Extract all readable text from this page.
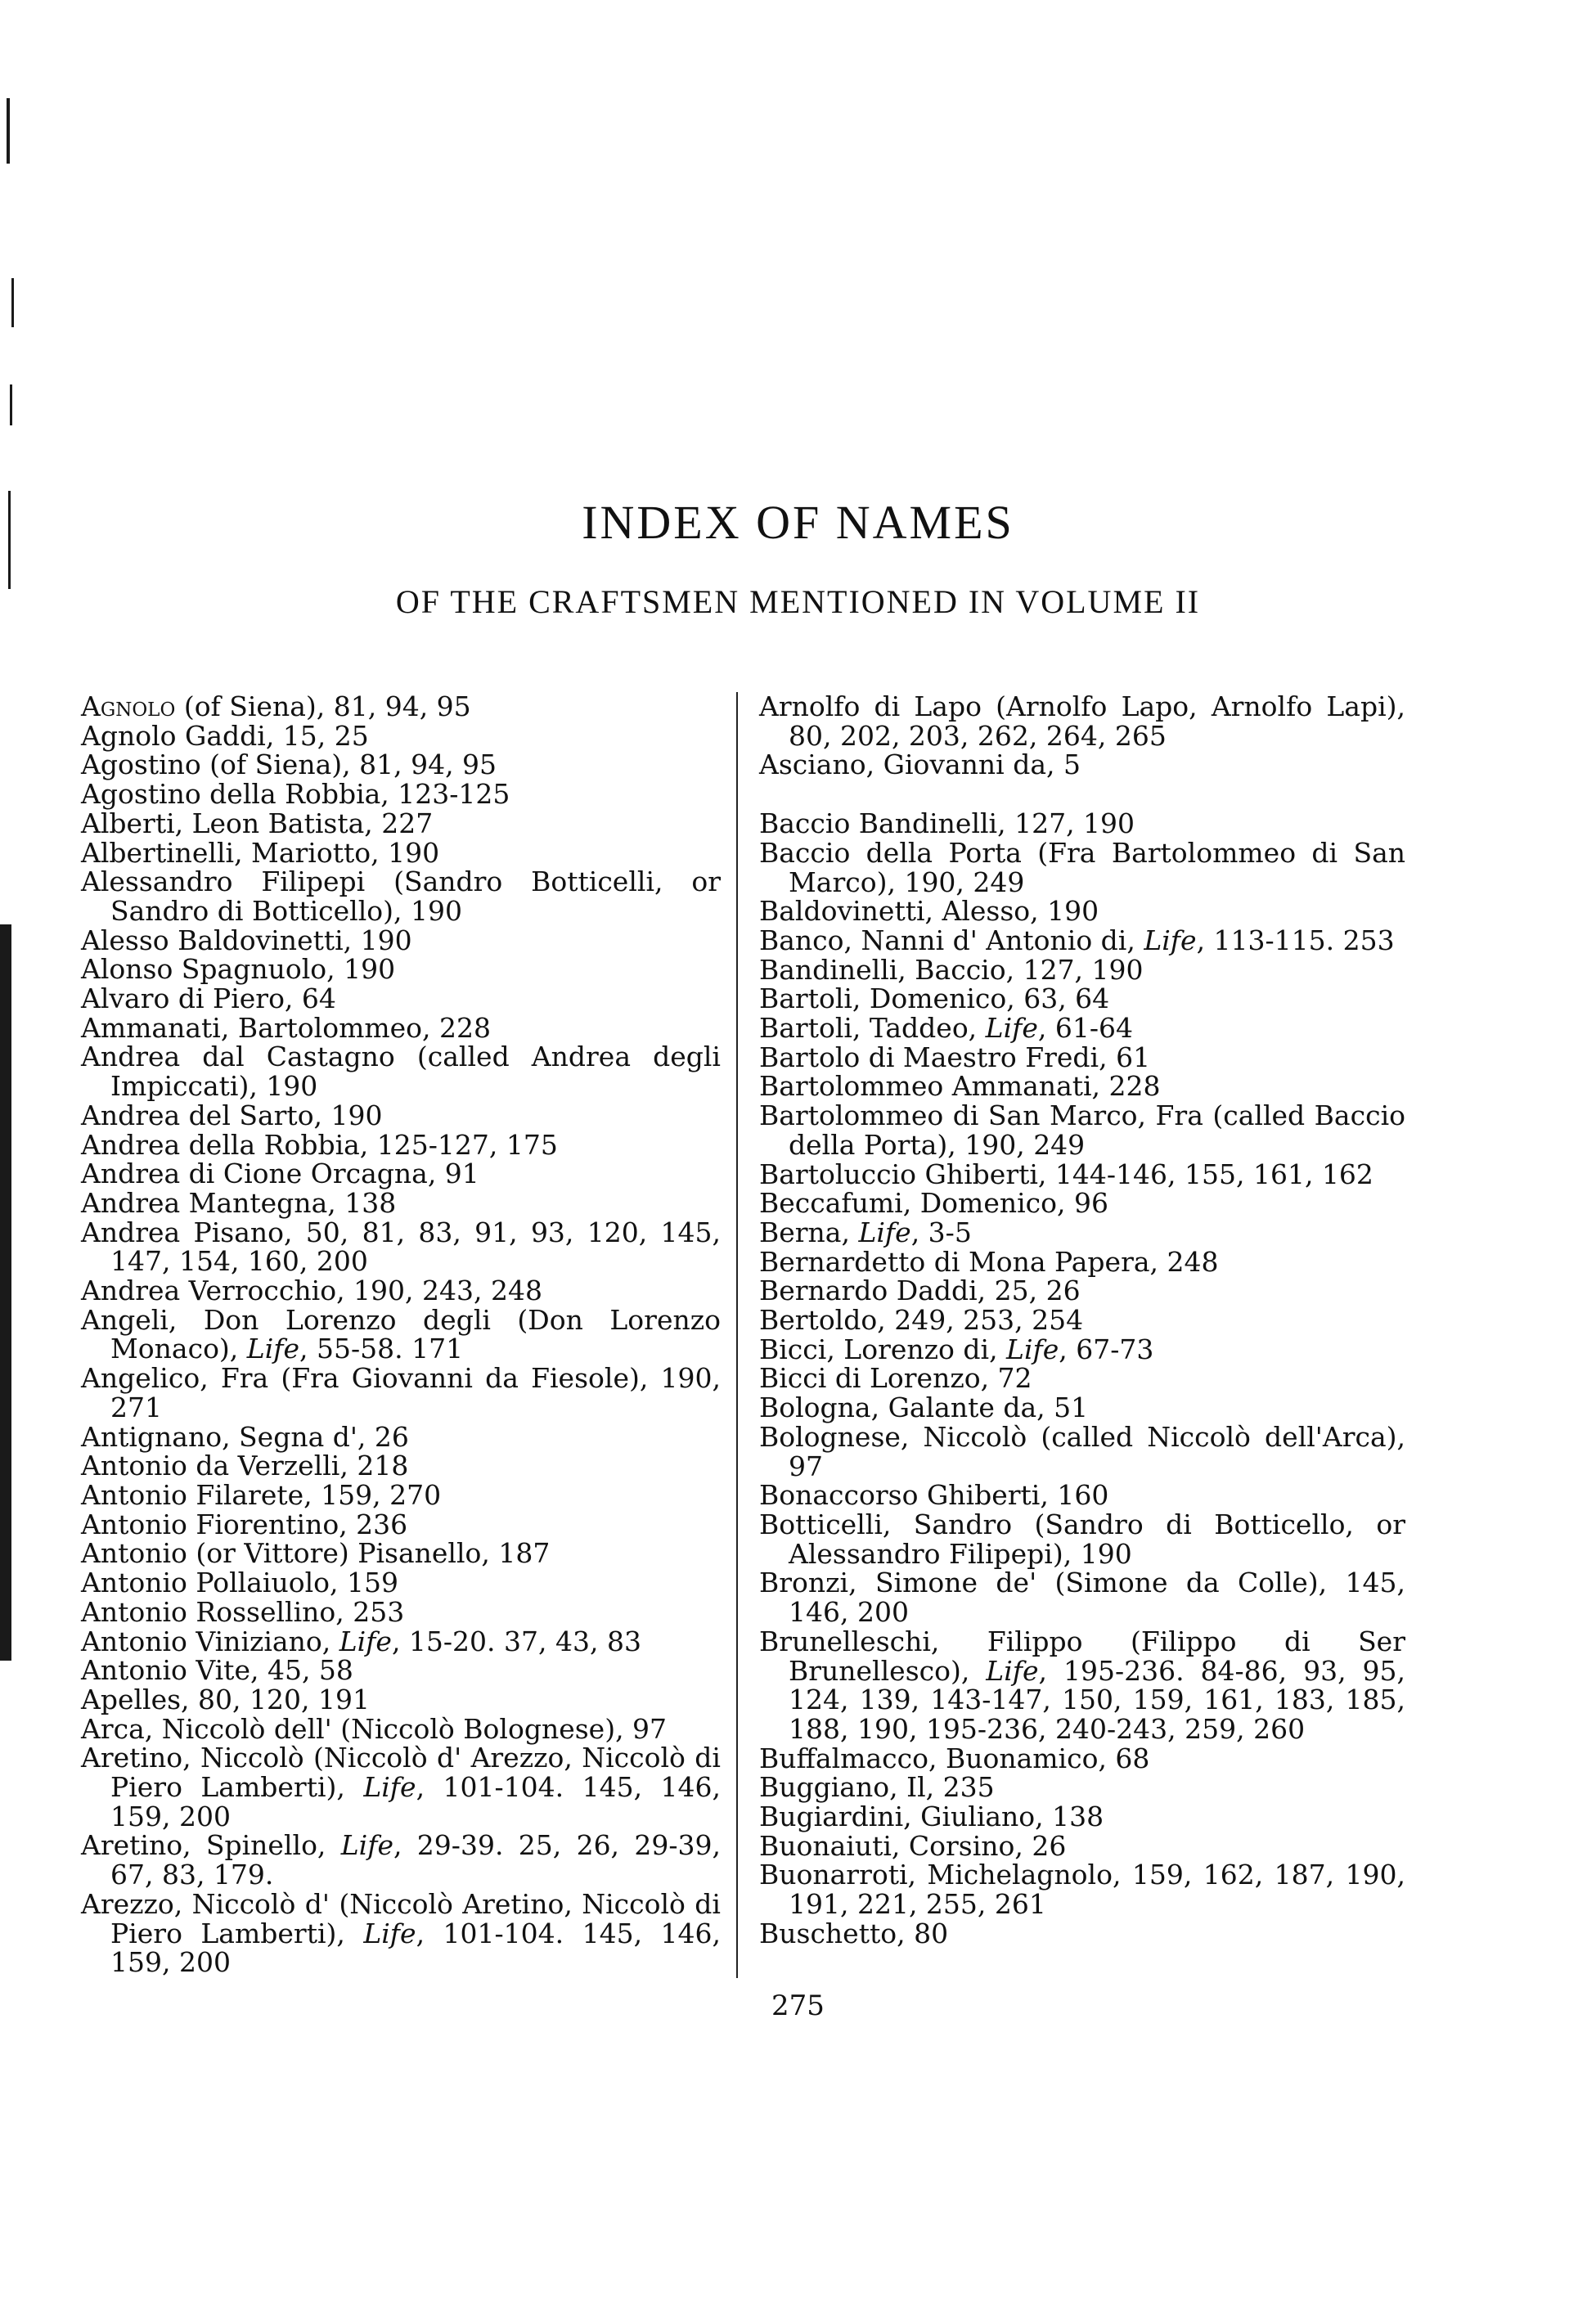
INDEX OF NAMES
OF THE CRAFTSMEN MENTIONED IN VOLUME II

Agnolo (of Siena), 81, 94, 95

Agnolo Gaddi, 15, 25

Agostino (of Siena), 81, 94, 95

Agostino della Robbia, 123-125

Alberti, Leon Batista, 227

Albertinelli, Mariotto, 190

Alessandro Filipepi (Sandro Botticelli, or Sandro di Botticello), 190

Alesso Baldovinetti, 190

Alonso Spagnuolo, 190

Alvaro di Piero, 64

Ammanati, Bartolommeo, 228

Andrea dal Castagno (called Andrea degli Impiccati), 190

Andrea del Sarto, 190

Andrea della Robbia, 125-127, 175

Andrea di Cione Orcagna, 91

Andrea Mantegna, 138

Andrea Pisano, 50, 81, 83, 91, 93, 120, 145, 147, 154, 160, 200

Andrea Verrocchio, 190, 243, 248

Angeli, Don Lorenzo degli (Don Lorenzo Monaco), Life, 55-58. 171

Angelico, Fra (Fra Giovanni da Fiesole), 190, 271

Antignano, Segna d', 26

Antonio da Verzelli, 218

Antonio Filarete, 159, 270

Antonio Fiorentino, 236

Antonio (or Vittore) Pisanello, 187

Antonio Pollaiuolo, 159

Antonio Rossellino, 253

Antonio Viniziano, Life, 15-20. 37, 43, 83

Antonio Vite, 45, 58

Apelles, 80, 120, 191

Arca, Niccolò dell' (Niccolò Bolognese), 97

Aretino, Niccolò (Niccolò d' Arezzo, Niccolò di Piero Lamberti), Life, 101-104. 145, 146, 159, 200

Aretino, Spinello, Life, 29-39. 25, 26, 29-39, 67, 83, 179.

Arezzo, Niccolò d' (Niccolò Aretino, Niccolò di Piero Lamberti), Life, 101-104. 145, 146, 159, 200

Arnolfo di Lapo (Arnolfo Lapo, Arnolfo Lapi), 80, 202, 203, 262, 264, 265

Asciano, Giovanni da, 5

Baccio Bandinelli, 127, 190

Baccio della Porta (Fra Bartolommeo di San Marco), 190, 249

Baldovinetti, Alesso, 190

Banco, Nanni d' Antonio di, Life, 113-115. 253

Bandinelli, Baccio, 127, 190

Bartoli, Domenico, 63, 64

Bartoli, Taddeo, Life, 61-64

Bartolo di Maestro Fredi, 61

Bartolommeo Ammanati, 228

Bartolommeo di San Marco, Fra (called Baccio della Porta), 190, 249

Bartoluccio Ghiberti, 144-146, 155, 161, 162

Beccafumi, Domenico, 96

Berna, Life, 3-5

Bernardetto di Mona Papera, 248

Bernardo Daddi, 25, 26

Bertoldo, 249, 253, 254

Bicci, Lorenzo di, Life, 67-73

Bicci di Lorenzo, 72

Bologna, Galante da, 51

Bolognese, Niccolò (called Niccolò dell'Arca), 97

Bonaccorso Ghiberti, 160

Botticelli, Sandro (Sandro di Botticello, or Alessandro Filipepi), 190

Bronzi, Simone de' (Simone da Colle), 145, 146, 200

Brunelleschi, Filippo (Filippo di Ser Brunellesco), Life, 195-236. 84-86, 93, 95, 124, 139, 143-147, 150, 159, 161, 183, 185, 188, 190, 195-236, 240-243, 259, 260

Buffalmacco, Buonamico, 68

Buggiano, Il, 235

Bugiardini, Giuliano, 138

Buonaiuti, Corsino, 26

Buonarroti, Michelagnolo, 159, 162, 187, 190, 191, 221, 255, 261

Buschetto, 80

275
